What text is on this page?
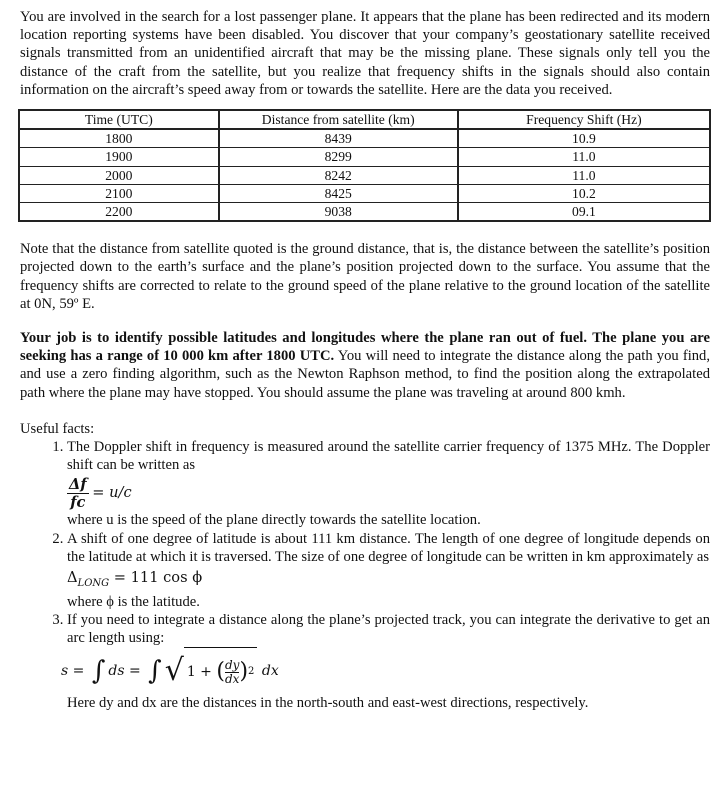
You are involved in the search for a lost passenger plane. It appears that the plane has been redirected and its modern location reporting systems have been disabled. You discover that your company’s geostationary satellite received signals transmitted from an unidentified aircraft that may be the missing plane. These signals only tell you the distance of the craft from the satellite, but you realize that frequency shifts in the signals should also contain information on the aircraft’s speed away from or towards the satellite. Here are the data you received.

Time (UTC)	Distance from satellite (km)	Frequency Shift (Hz)
1800	8439	10.9
1900	8299	11.0
2000	8242	11.0
2100	8425	10.2
2200	9038	09.1

Note that the distance from satellite quoted is the ground distance, that is, the distance between the satellite’s position projected down to the earth’s surface and the plane’s position projected down to the surface. You assume that the frequency shifts are corrected to relate to the ground speed of the plane relative to the ground location of the satellite at 0N, 59º E.

Your job is to identify possible latitudes and longitudes where the plane ran out of fuel. The plane you are seeking has a range of 10 000 km after 1800 UTC. You will need to integrate the distance along the path you find, and use a zero finding algorithm, such as the Newton Raphson method, to find the position along the extrapolated path where the plane may have stopped. You should assume the plane was traveling at around 800 kmh.

Useful facts:

1. The Doppler shift in frequency is measured around the satellite carrier frequency of 1375 MHz. The Doppler shift can be written as

$\frac{\Delta f}{fc} = u/c$

where u is the speed of the plane directly towards the satellite location.

2. A shift of one degree of latitude is about 111 km distance. The length of one degree of longitude depends on the latitude at which it is traversed. The size of one degree of longitude can be written in km approximately as

$\Delta_{LONG} = 111$ cos ϕ

where ϕ is the latitude.

3. If you need to integrate a distance along the plane’s projected track, you can integrate the derivative to get an arc length using:

s = ∫ ds = ∫ √ 1 + ( $\frac{dy}{dx}$ ) 2 dx

Here dy and dx are the distances in the north-south and east-west directions, respectively.
